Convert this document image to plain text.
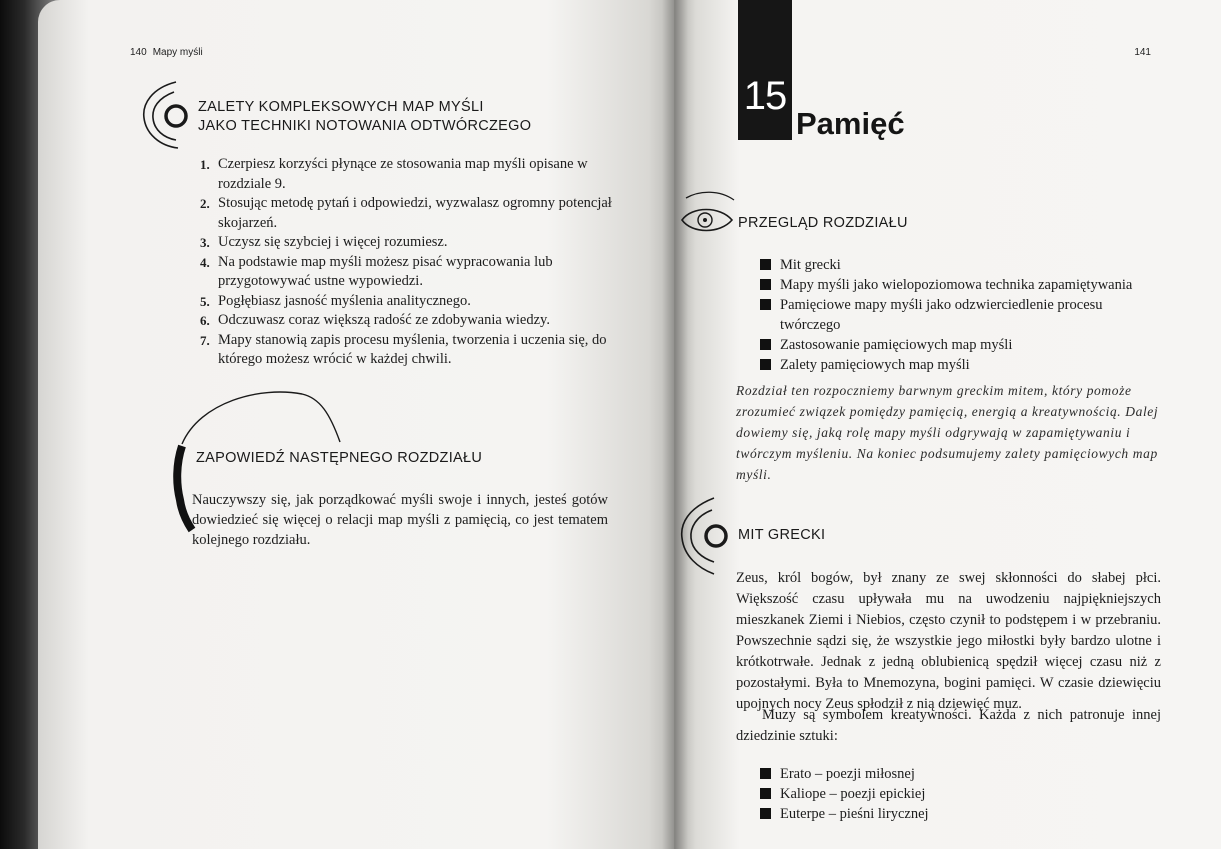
140 Mapy myśli
ZALETY KOMPLEKSOWYCH MAP MYŚLI
JAKO TECHNIKI NOTOWANIA ODTWÓRCZEGO
1. Czerpiesz korzyści płynące ze stosowania map myśli opisane w rozdziale 9.
2. Stosując metodę pytań i odpowiedzi, wyzwalasz ogromny potencjał skojarzeń.
3. Uczysz się szybciej i więcej rozumiesz.
4. Na podstawie map myśli możesz pisać wypracowania lub przygotowywać ustne wypowiedzi.
5. Pogłębiasz jasność myślenia analitycznego.
6. Odczuwasz coraz większą radość ze zdobywania wiedzy.
7. Mapy stanowią zapis procesu myślenia, tworzenia i uczenia się, do którego możesz wrócić w każdej chwili.
ZAPOWIEDŹ NASTĘPNEGO ROZDZIAŁU
Nauczywszy się, jak porządkować myśli swoje i innych, jesteś gotów dowiedzieć się więcej o relacji map myśli z pamięcią, co jest tematem kolejnego rozdziału.
141
15
Pamięć
PRZEGLĄD ROZDZIAŁU
Mit grecki
Mapy myśli jako wielopoziomowa technika zapamiętywania
Pamięciowe mapy myśli jako odzwierciedlenie procesu twórczego
Zastosowanie pamięciowych map myśli
Zalety pamięciowych map myśli
Rozdział ten rozpoczniemy barwnym greckim mitem, który pomoże zrozumieć związek pomiędzy pamięcią, energią a kreatywnością. Dalej dowiemy się, jaką rolę mapy myśli odgrywają w zapamiętywaniu i twórczym myśleniu. Na koniec podsumujemy zalety pamięciowych map myśli.
MIT GRECKI
Zeus, król bogów, był znany ze swej skłonności do słabej płci. Większość czasu upływała mu na uwodzeniu najpiękniejszych mieszkanek Ziemi i Niebios, często czynił to podstępem i w przebraniu. Powszechnie sądzi się, że wszystkie jego miłostki były bardzo ulotne i krótkotrwałe. Jednak z jedną oblubienicą spędził więcej czasu niż z pozostałymi. Była to Mnemozyna, bogini pamięci. W czasie dziewięciu upojnych nocy Zeus spłodził z nią dziewięć muz.
Muzy są symbolem kreatywności. Każda z nich patronuje innej dziedzinie sztuki:
Erato – poezji miłosnej
Kaliope – poezji epickiej
Euterpe – pieśni lirycznej
